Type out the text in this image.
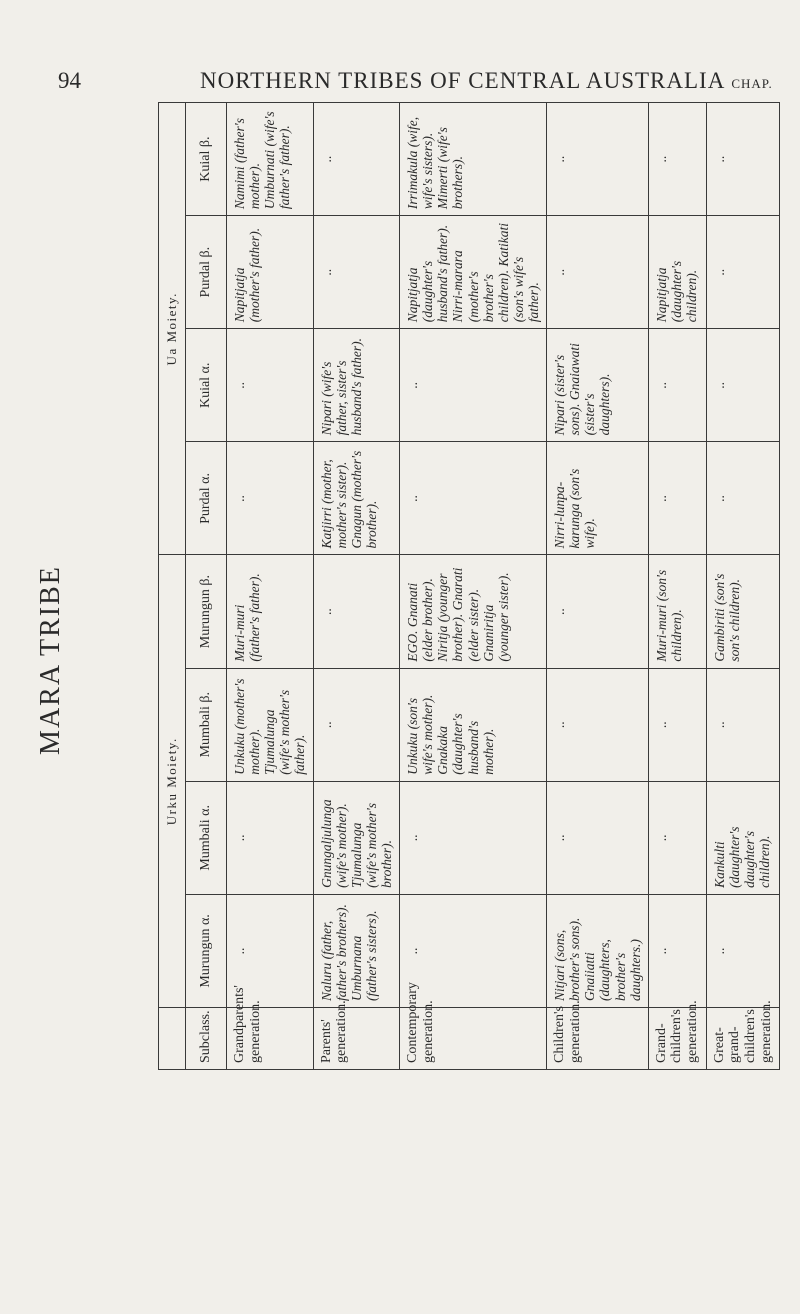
94	NORTHERN TRIBES OF CENTRAL AUSTRALIA CHAP.
MARA TRIBE
	Urku Moiety.				Ua Moiety.			
Subclass.	Murungun α.	Mumbali α.	Mumbali β.	Murungun β.	Purdal α.	Kuial α.	Purdal β.	Kuial β.
Grandparents' generation.	..	..	Unkuku (mother's mother). Tjumalunga (wife's mother's father).	Muri-muri (father's father).	..	..	Napitjatja (mother's father).	Namimi (father's mother). Umburnati (wife's father's father).
Parents' generation.	Naluru (father, father's brothers). Umburnana (father's sisters).	Gnungaljulunga (wife's mother). Tjumalunga (wife's mother's brother).	..	..	Katjirri (mother, mother's sister). Gnagun (mother's brother).	Nipari (wife's father, sister's husband's father).	..	..
Contemporary generation.	..	..	Unkuku (son's wife's mother). Gnakaka (daughter's husband's mother).	EGO. Gnanati (elder brother). Niritja (younger brother). Gnarati (elder sister). Gnaniritja (younger sister).	..	..	Napitjatja (daughter's husband's father). Nirri-marara (mother's brother's children). Katikati (son's wife's father).	Irrimakula (wife, wife's sisters). Mimerti (wife's brothers).
Children's generation.	Nitjari (sons, brother's sons). Gnaiiatti (daughters, brother's daughters.)	..	..	..	Nirri-lunpa-karunga (son's wife).	Nipari (sister's sons). Gnaiawati (sister's daughters).	..	..
Grand-children's generation.	..	..	..	Muri-muri (son's children).	..	..	Napitjatja (daughter's children).	..
Great-grand-children's generation.	..	Kankulti (daughter's daughter's children).	..	Gambiriti (son's son's children).	..	..	..	..
